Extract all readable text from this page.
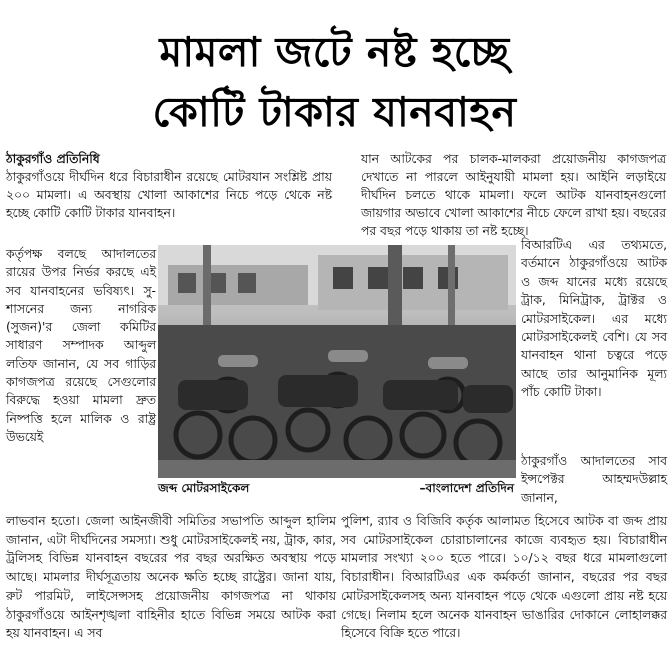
মামলা জটে নষ্ট হচ্ছে
কোটি টাকার যানবাহন

ঠাকুরগাঁও প্রতিনিধি

ঠাকুরগাঁওয়ে দীর্ঘদিন ধরে বিচারাধীন রয়েছে মোটরযান সংশ্লিষ্ট প্রায় ২০০ মামলা। এ অবস্থায় খোলা আকাশের নিচে পড়ে থেকে নষ্ট হচ্ছে কোটি কোটি টাকার যানবাহন।

কর্তৃপক্ষ বলছে আদালতের রায়ের উপর নির্ভর করছে এই সব যানবাহনের ভবিষ্যৎ। সু-শাসনের জন্য নাগরিক (সুজন)'র জেলা কমিটির সাধারণ সম্পাদক আব্দুল লতিফ জানান, যে সব গাড়ির কাগজপত্র রয়েছে সেগুলোর বিরুদ্ধে হওয়া মামলা দ্রুত নিষ্পত্তি হলে মালিক ও রাষ্ট্র উভয়েই
জব্দ মোটরসাইকেল	–বাংলাদেশ প্রতিদিন

যান আটকের পর চালক-মালকরা প্রয়োজনীয় কাগজপত্র দেখাতে না পারলে আইনুযায়ী মামলা হয়। আইনি লড়াইয়ে দীর্ঘদিন চলতে থাকে মামলা। ফলে আটক যানবাহনগুলো জায়গার অভাবে খোলা আকাশের নীচে ফেলে রাখা হয়। বছরের পর বছর পড়ে থাকায় তা নষ্ট হচ্ছে।

বিআরটিএ এর তথ্যমতে, বর্তমানে ঠাকুরগাঁওয়ে আটক ও জব্দ যানের মধ্যে রয়েছে ট্রাক, মিনিট্রাক, ট্রাক্টর ও মোটরসাইকেল। এর মধ্যে মোটরসাইকেলই বেশি। যে সব যানবাহন থানা চত্বরে পড়ে আছে তার আনুমানিক মূল্য পাঁচ কোটি টাকা।
ঠাকুরগাঁও আদালতের সাব ইন্সপেক্টর আহম্মদউল্লাহ জানান,
লাভবান হতো। জেলা আইনজীবী সমিতির সভাপতি আব্দুল হালিম জানান, এটা দীর্ঘদিনের সমস্যা। শুধু মোটরসাইকেলই নয়, ট্রাক, কার, ট্রলিসহ বিভিন্ন যানবাহন বছরের পর বছর অরক্ষিত অবস্থায় পড়ে আছে। মামলার দীর্ঘসূত্রতায় অনেক ক্ষতি হচ্ছে রাষ্ট্রের। জানা যায়, রুট পারমিট, লাইসেন্সসহ প্রয়োজনীয় কাগজপত্র না থাকায় ঠাকুরগাঁওয়ে আইনশৃঙ্খলা বাহিনীর হাতে বিভিন্ন সময়ে আটক করা হয় যানবাহন। এ সব
পুলিশ, র‍্যাব ও বিজিবি কর্তৃক আলামত হিসেবে আটক বা জব্দ প্রায় সব মোটরসাইকেল চোরাচালানের কাজে ব্যবহৃত হয়। বিচারাধীন মামলার সংখ্যা ২০০ হতে পারে। ১০/১২ বছর ধরে মামলাগুলো বিচারাধীন। বিআরটিএর এক কর্মকর্তা জানান, বছরের পর বছর মোটরসাইকেলসহ অন্য যানবাহন পড়ে থেকে এগুলো প্রায় নষ্ট হয়ে গেছে। নিলাম হলে অনেক যানবাহন ভাঙারির দোকানে লোহালক্কর হিসেবে বিক্রি হতে পারে।
